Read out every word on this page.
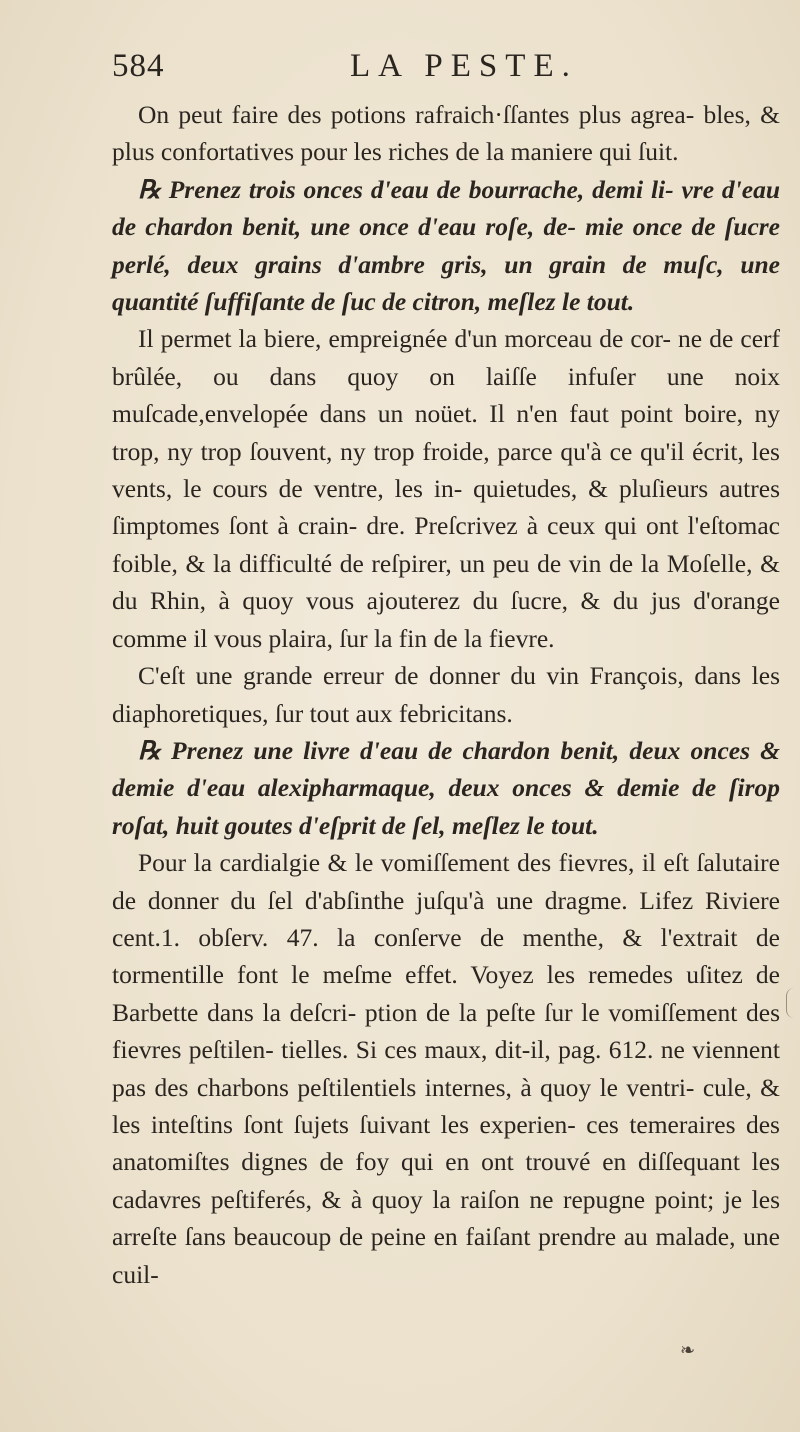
584	LA PESTE.

On peut faire des potions rafraich·ſſantes plus agrea- bles, & plus confortatives pour les riches de la maniere qui ſuit.

℞ Prenez trois onces d'eau de bourrache, demi li- vre d'eau de chardon benit, une once d'eau roſe, de- mie once de ſucre perlé, deux grains d'ambre gris, un grain de muſc, une quantité ſuffiſante de ſuc de citron, meſlez le tout.

Il permet la biere, empreignée d'un morceau de cor- ne de cerf brûlée, ou dans quoy on laiſſe infuſer une noix muſcade,envelopée dans un noüet. Il n'en faut point boire, ny trop, ny trop ſouvent, ny trop froide, parce qu'à ce qu'il écrit, les vents, le cours de ventre, les in- quietudes, & pluſieurs autres ſimptomes ſont à crain- dre. Preſcrivez à ceux qui ont l'eſtomac foible, & la difficulté de reſpirer, un peu de vin de la Moſelle, & du Rhin, à quoy vous ajouterez du ſucre, & du jus d'orange comme il vous plaira, ſur la fin de la fievre.

C'eſt une grande erreur de donner du vin François, dans les diaphoretiques, ſur tout aux febricitans.

℞ Prenez une livre d'eau de chardon benit, deux onces & demie d'eau alexipharmaque, deux onces & demie de ſirop roſat, huit goutes d'eſprit de ſel, meſlez le tout.

Pour la cardialgie & le vomiſſement des fievres, il eſt ſalutaire de donner du ſel d'abſinthe juſqu'à une dragme. Lifez Riviere cent.1. obſerv. 47. la conſerve de menthe, & l'extrait de tormentille font le meſme effet. Voyez les remedes uſitez de Barbette dans la deſcri- ption de la peſte ſur le vomiſſement des fievres peſtilen- tielles. Si ces maux, dit-il, pag. 612. ne viennent pas des charbons peſtilentiels internes, à quoy le ventri- cule, & les inteſtins ſont ſujets ſuivant les experien- ces temeraires des anatomiſtes dignes de foy qui en ont trouvé en diſſequant les cadavres peſtiferés, & à quoy la raiſon ne repugne point; je les arreſte ſans beaucoup de peine en faiſant prendre au malade, une cuil-

❧
